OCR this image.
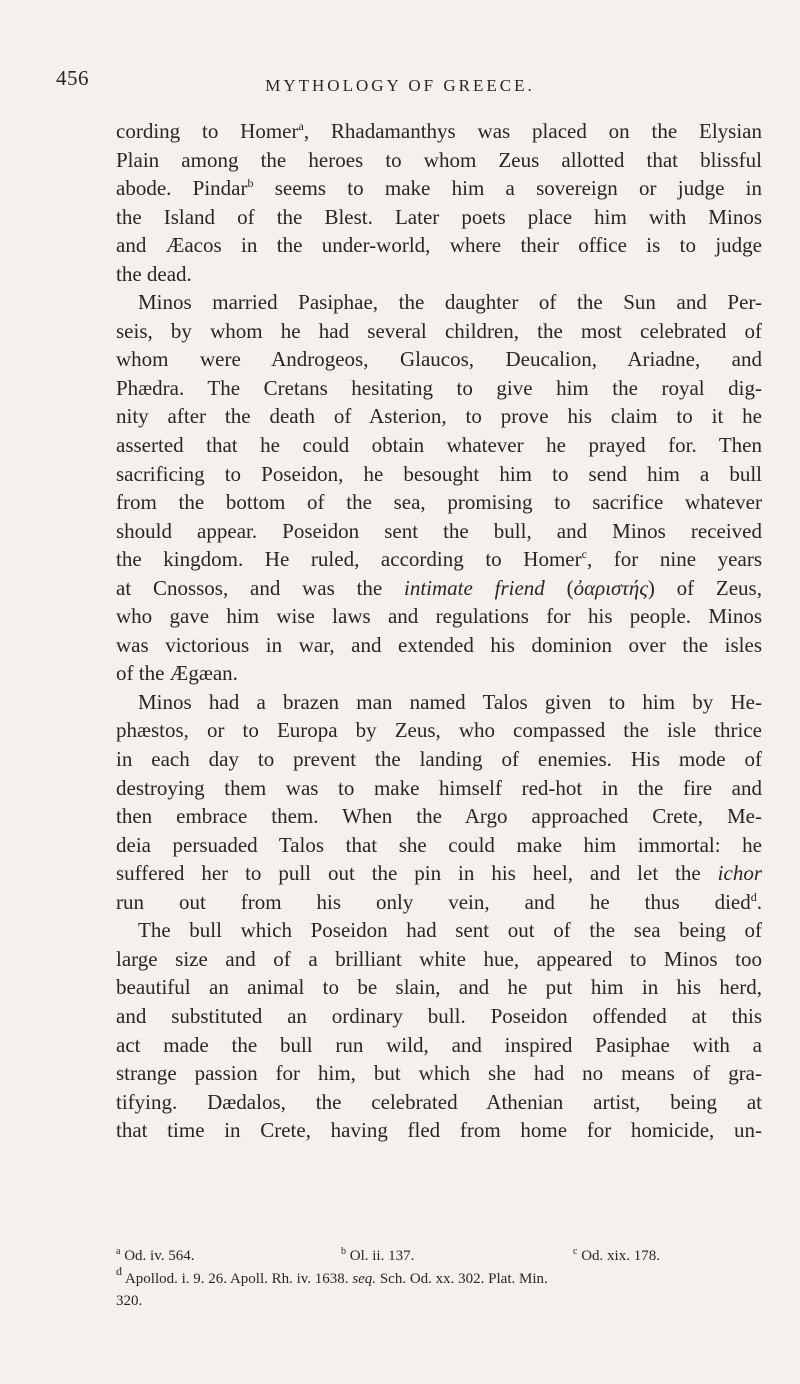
456	MYTHOLOGY OF GREECE.
cording to Homer$^a$, Rhadamanthys was placed on the Elysian
Plain among the heroes to whom Zeus allotted that blissful
abode. Pindar$^b$ seems to make him a sovereign or judge in
the Island of the Blest. Later poets place him with Minos
and Æacos in the under-world, where their office is to judge
the dead.
Minos married Pasiphae, the daughter of the Sun and Per-
seis, by whom he had several children, the most celebrated of
whom were Androgeos, Glaucos, Deucalion, Ariadne, and
Phædra. The Cretans hesitating to give him the royal dig-
nity after the death of Asterion, to prove his claim to it he
asserted that he could obtain whatever he prayed for. Then
sacrificing to Poseidon, he besought him to send him a bull
from the bottom of the sea, promising to sacrifice whatever
should appear. Poseidon sent the bull, and Minos received
the kingdom. He ruled, according to Homer$^c$, for nine years
at Cnossos, and was the intimate friend (ὀαριστής) of Zeus,
who gave him wise laws and regulations for his people. Minos
was victorious in war, and extended his dominion over the isles
of the Ægæan.
Minos had a brazen man named Talos given to him by He-
phæstos, or to Europa by Zeus, who compassed the isle thrice
in each day to prevent the landing of enemies. His mode of
destroying them was to make himself red-hot in the fire and
then embrace them. When the Argo approached Crete, Me-
deia persuaded Talos that she could make him immortal: he
suffered her to pull out the pin in his heel, and let the ichor
run out from his only vein, and he thus died$^d$.
The bull which Poseidon had sent out of the sea being of
large size and of a brilliant white hue, appeared to Minos too
beautiful an animal to be slain, and he put him in his herd,
and substituted an ordinary bull. Poseidon offended at this
act made the bull run wild, and inspired Pasiphae with a
strange passion for him, but which she had no means of gra-
tifying. Dædalos, the celebrated Athenian artist, being at
that time in Crete, having fled from home for homicide, un-
$^a$ Od. iv. 564.	$^b$ Ol. ii. 137.	$^c$ Od. xix. 178.
$^d$ Apollod. i. 9. 26. Apoll. Rh. iv. 1638. seq. Sch. Od. xx. 302. Plat. Min.
320.
